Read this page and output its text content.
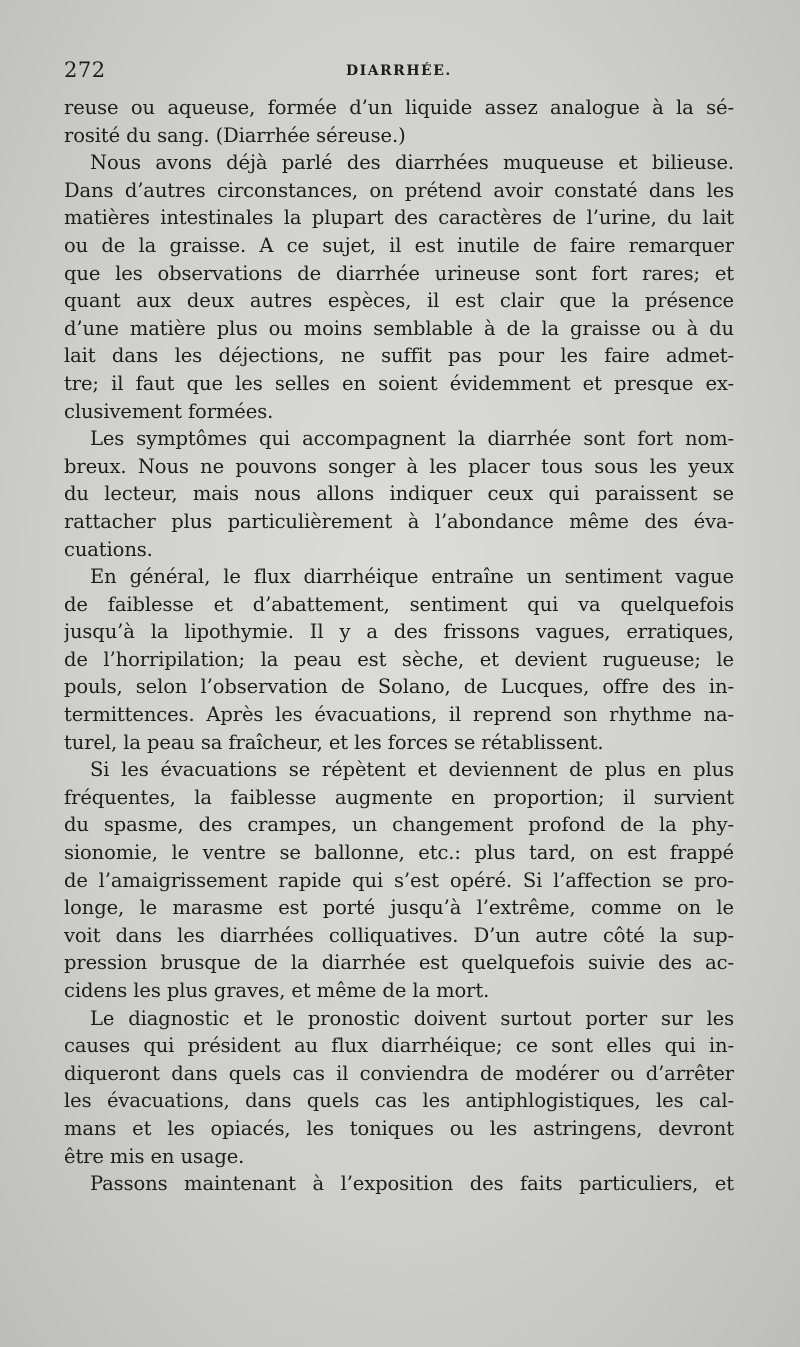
272	DIARRHÉE.
reuse ou aqueuse, formée d’un liquide assez analogue à la sé-
rosité du sang. (Diarrhée séreuse.)
Nous avons déjà parlé des diarrhées muqueuse et bilieuse.
Dans d’autres circonstances, on prétend avoir constaté dans les
matières intestinales la plupart des caractères de l’urine, du lait
ou de la graisse. A ce sujet, il est inutile de faire remarquer
que les observations de diarrhée urineuse sont fort rares; et
quant aux deux autres espèces, il est clair que la présence
d’une matière plus ou moins semblable à de la graisse ou à du
lait dans les déjections, ne suffit pas pour les faire admet-
tre; il faut que les selles en soient évidemment et presque ex-
clusivement formées.
Les symptômes qui accompagnent la diarrhée sont fort nom-
breux. Nous ne pouvons songer à les placer tous sous les yeux
du lecteur, mais nous allons indiquer ceux qui paraissent se
rattacher plus particulièrement à l’abondance même des éva-
cuations.
En général, le flux diarrhéique entraîne un sentiment vague
de faiblesse et d’abattement, sentiment qui va quelquefois
jusqu’à la lipothymie. Il y a des frissons vagues, erratiques,
de l’horripilation; la peau est sèche, et devient rugueuse; le
pouls, selon l’observation de Solano, de Lucques, offre des in-
termittences. Après les évacuations, il reprend son rhythme na-
turel, la peau sa fraîcheur, et les forces se rétablissent.
Si les évacuations se répètent et deviennent de plus en plus
fréquentes, la faiblesse augmente en proportion; il survient
du spasme, des crampes, un changement profond de la phy-
sionomie, le ventre se ballonne, etc.: plus tard, on est frappé
de l’amaigrissement rapide qui s’est opéré. Si l’affection se pro-
longe, le marasme est porté jusqu’à l’extrême, comme on le
voit dans les diarrhées colliquatives. D’un autre côté la sup-
pression brusque de la diarrhée est quelquefois suivie des ac-
cidens les plus graves, et même de la mort.
Le diagnostic et le pronostic doivent surtout porter sur les
causes qui président au flux diarrhéique; ce sont elles qui in-
diqueront dans quels cas il conviendra de modérer ou d’arrêter
les évacuations, dans quels cas les antiphlogistiques, les cal-
mans et les opiacés, les toniques ou les astringens, devront
être mis en usage.
Passons maintenant à l’exposition des faits particuliers, et
